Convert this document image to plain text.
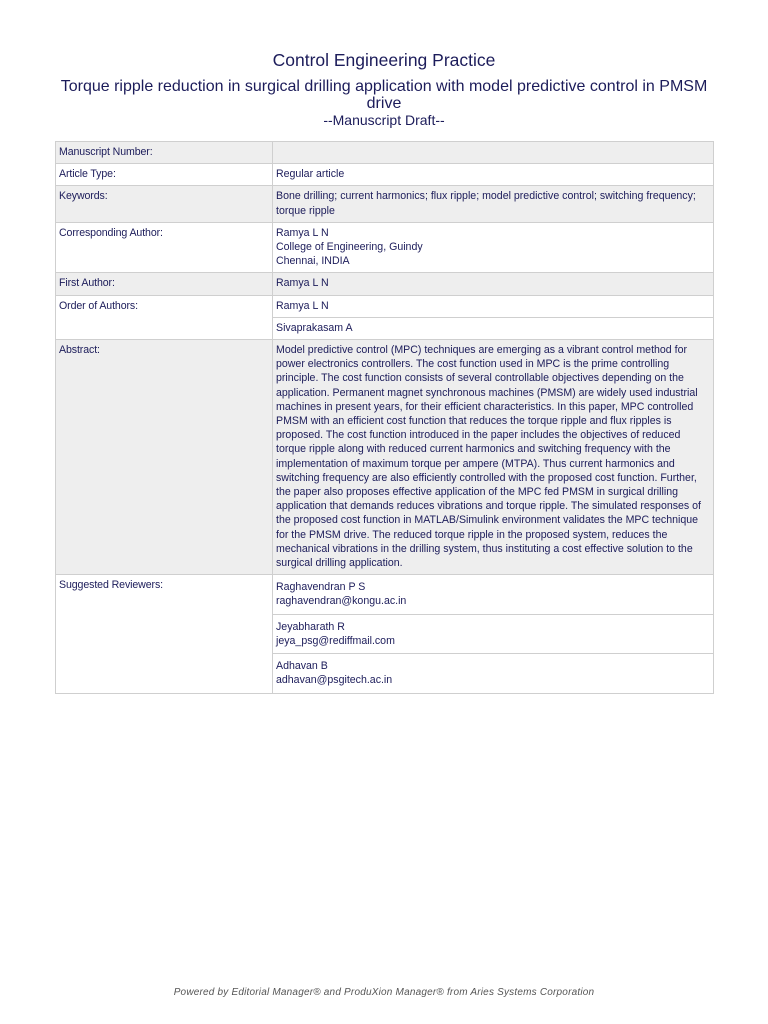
Control Engineering Practice
Torque ripple reduction in surgical drilling application with model predictive control in PMSM drive
--Manuscript Draft--
Manuscript Number:	
Article Type:	Regular article
Keywords:	Bone drilling; current harmonics; flux ripple; model predictive control; switching frequency; torque ripple
Corresponding Author:	Ramya L N
College of Engineering, Guindy
Chennai, INDIA

First Author:	Ramya L N
Order of Authors:	Ramya L N
	Sivaprakasam A
Abstract:	Model predictive control (MPC) techniques are emerging as a vibrant control method for power electronics controllers. The cost function used in MPC is the prime controlling principle. The cost function consists of several controllable objectives depending on the application. Permanent magnet synchronous machines (PMSM) are widely used industrial machines in present years, for their efficient characteristics. In this paper, MPC controlled PMSM with an efficient cost function that reduces the torque ripple and flux ripples is proposed. The cost function introduced in the paper includes the objectives of reduced torque ripple along with reduced current harmonics and switching frequency with the implementation of maximum torque per ampere (MTPA). Thus current harmonics and switching frequency are also efficiently controlled with the proposed cost function. Further, the paper also proposes effective application of the MPC fed PMSM in surgical drilling application that demands reduces vibrations and torque ripple. The simulated responses of the proposed cost function in MATLAB/Simulink environment validates the MPC technique for the PMSM drive. The reduced torque ripple in the proposed system, reduces the mechanical vibrations in the drilling system, thus instituting a cost effective solution to the surgical drilling application.
Suggested Reviewers:	Raghavendran P S
raghavendran@kongu.ac.in

	Jeyabharath R
jeya_psg@rediffmail.com

	Adhavan B
adhavan@psgitech.ac.in
Powered by Editorial Manager® and ProduXion Manager® from Aries Systems Corporation
